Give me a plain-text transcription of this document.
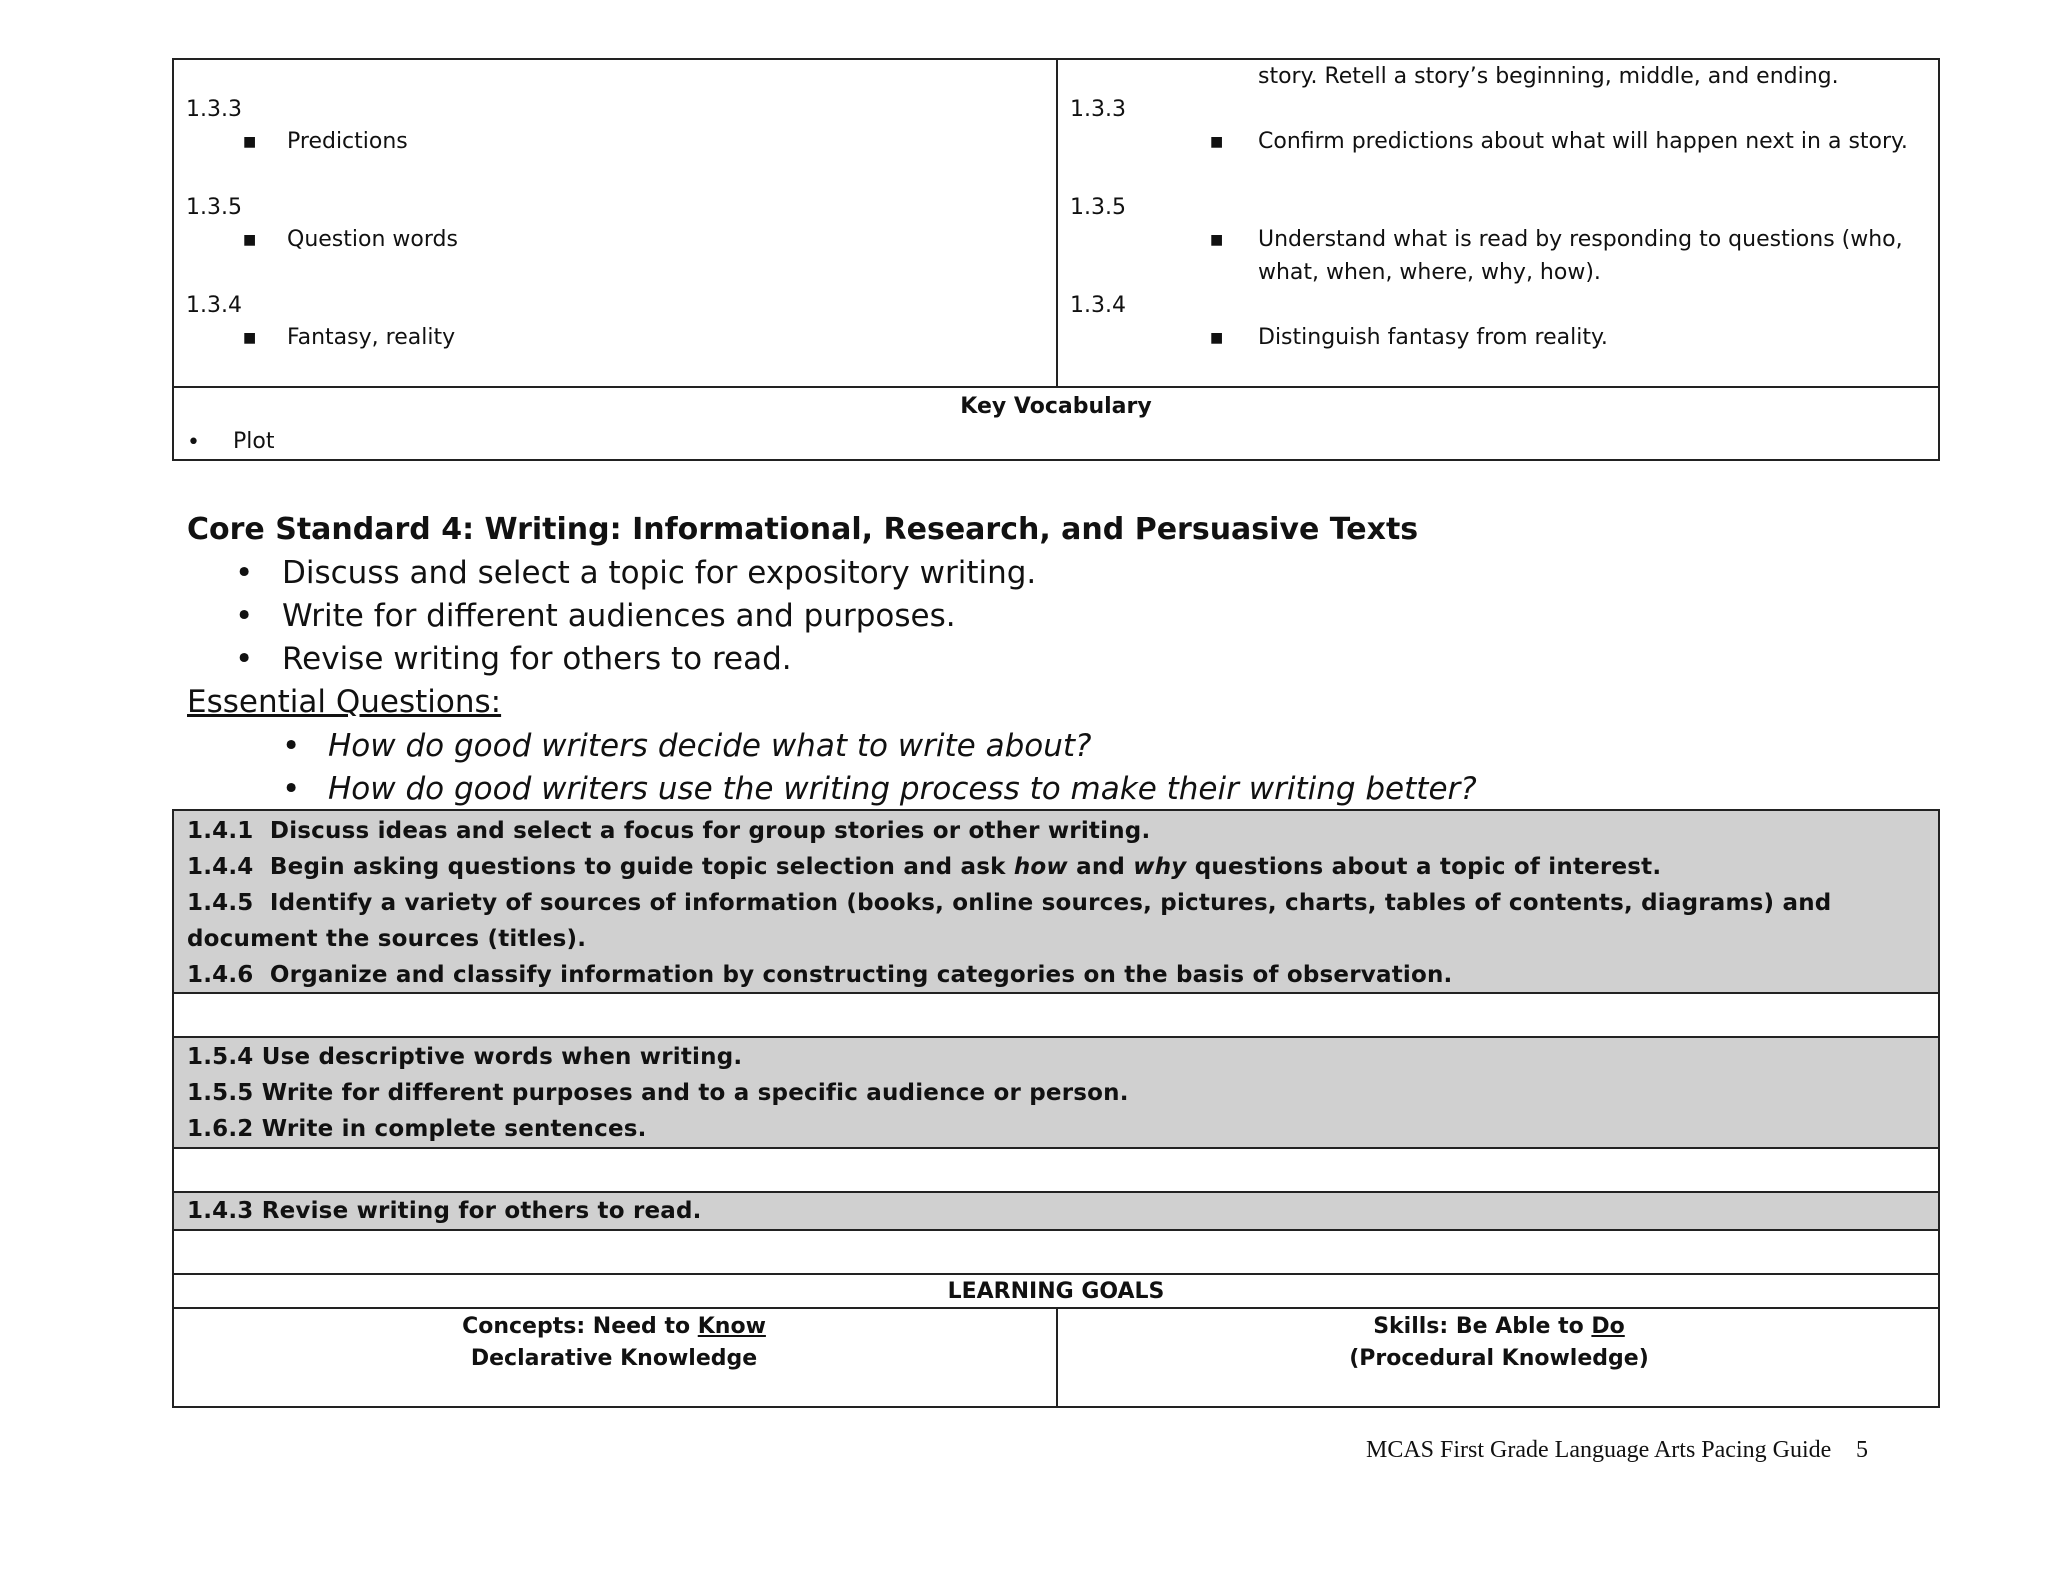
story. Retell a story’s beginning, middle, and ending.
1.3.3
■ Predictions
1.3.3
■ Confirm predictions about what will happen next in a story.
1.3.5
■ Question words
1.3.5
■ Understand what is read by responding to questions (who,
what, when, where, why, how).
1.3.4
■ Fantasy, reality
1.3.4
■ Distinguish fantasy from reality.
Key Vocabulary
• Plot
Core Standard 4: Writing: Informational, Research, and Persuasive Texts
• Discuss and select a topic for expository writing.
• Write for different audiences and purposes.
• Revise writing for others to read.
Essential Questions:
• How do good writers decide what to write about?
• How do good writers use the writing process to make their writing better?
1.4.1 Discuss ideas and select a focus for group stories or other writing.
1.4.4 Begin asking questions to guide topic selection and ask how and why questions about a topic of interest.
1.4.5 Identify a variety of sources of information (books, online sources, pictures, charts, tables of contents, diagrams) and
document the sources (titles).
1.4.6 Organize and classify information by constructing categories on the basis of observation.
1.5.4 Use descriptive words when writing.
1.5.5 Write for different purposes and to a specific audience or person.
1.6.2 Write in complete sentences.
1.4.3 Revise writing for others to read.
LEARNING GOALS
Concepts: Need to Know
Declarative Knowledge
Skills: Be Able to Do
(Procedural Knowledge)
MCAS First Grade Language Arts Pacing Guide 5
